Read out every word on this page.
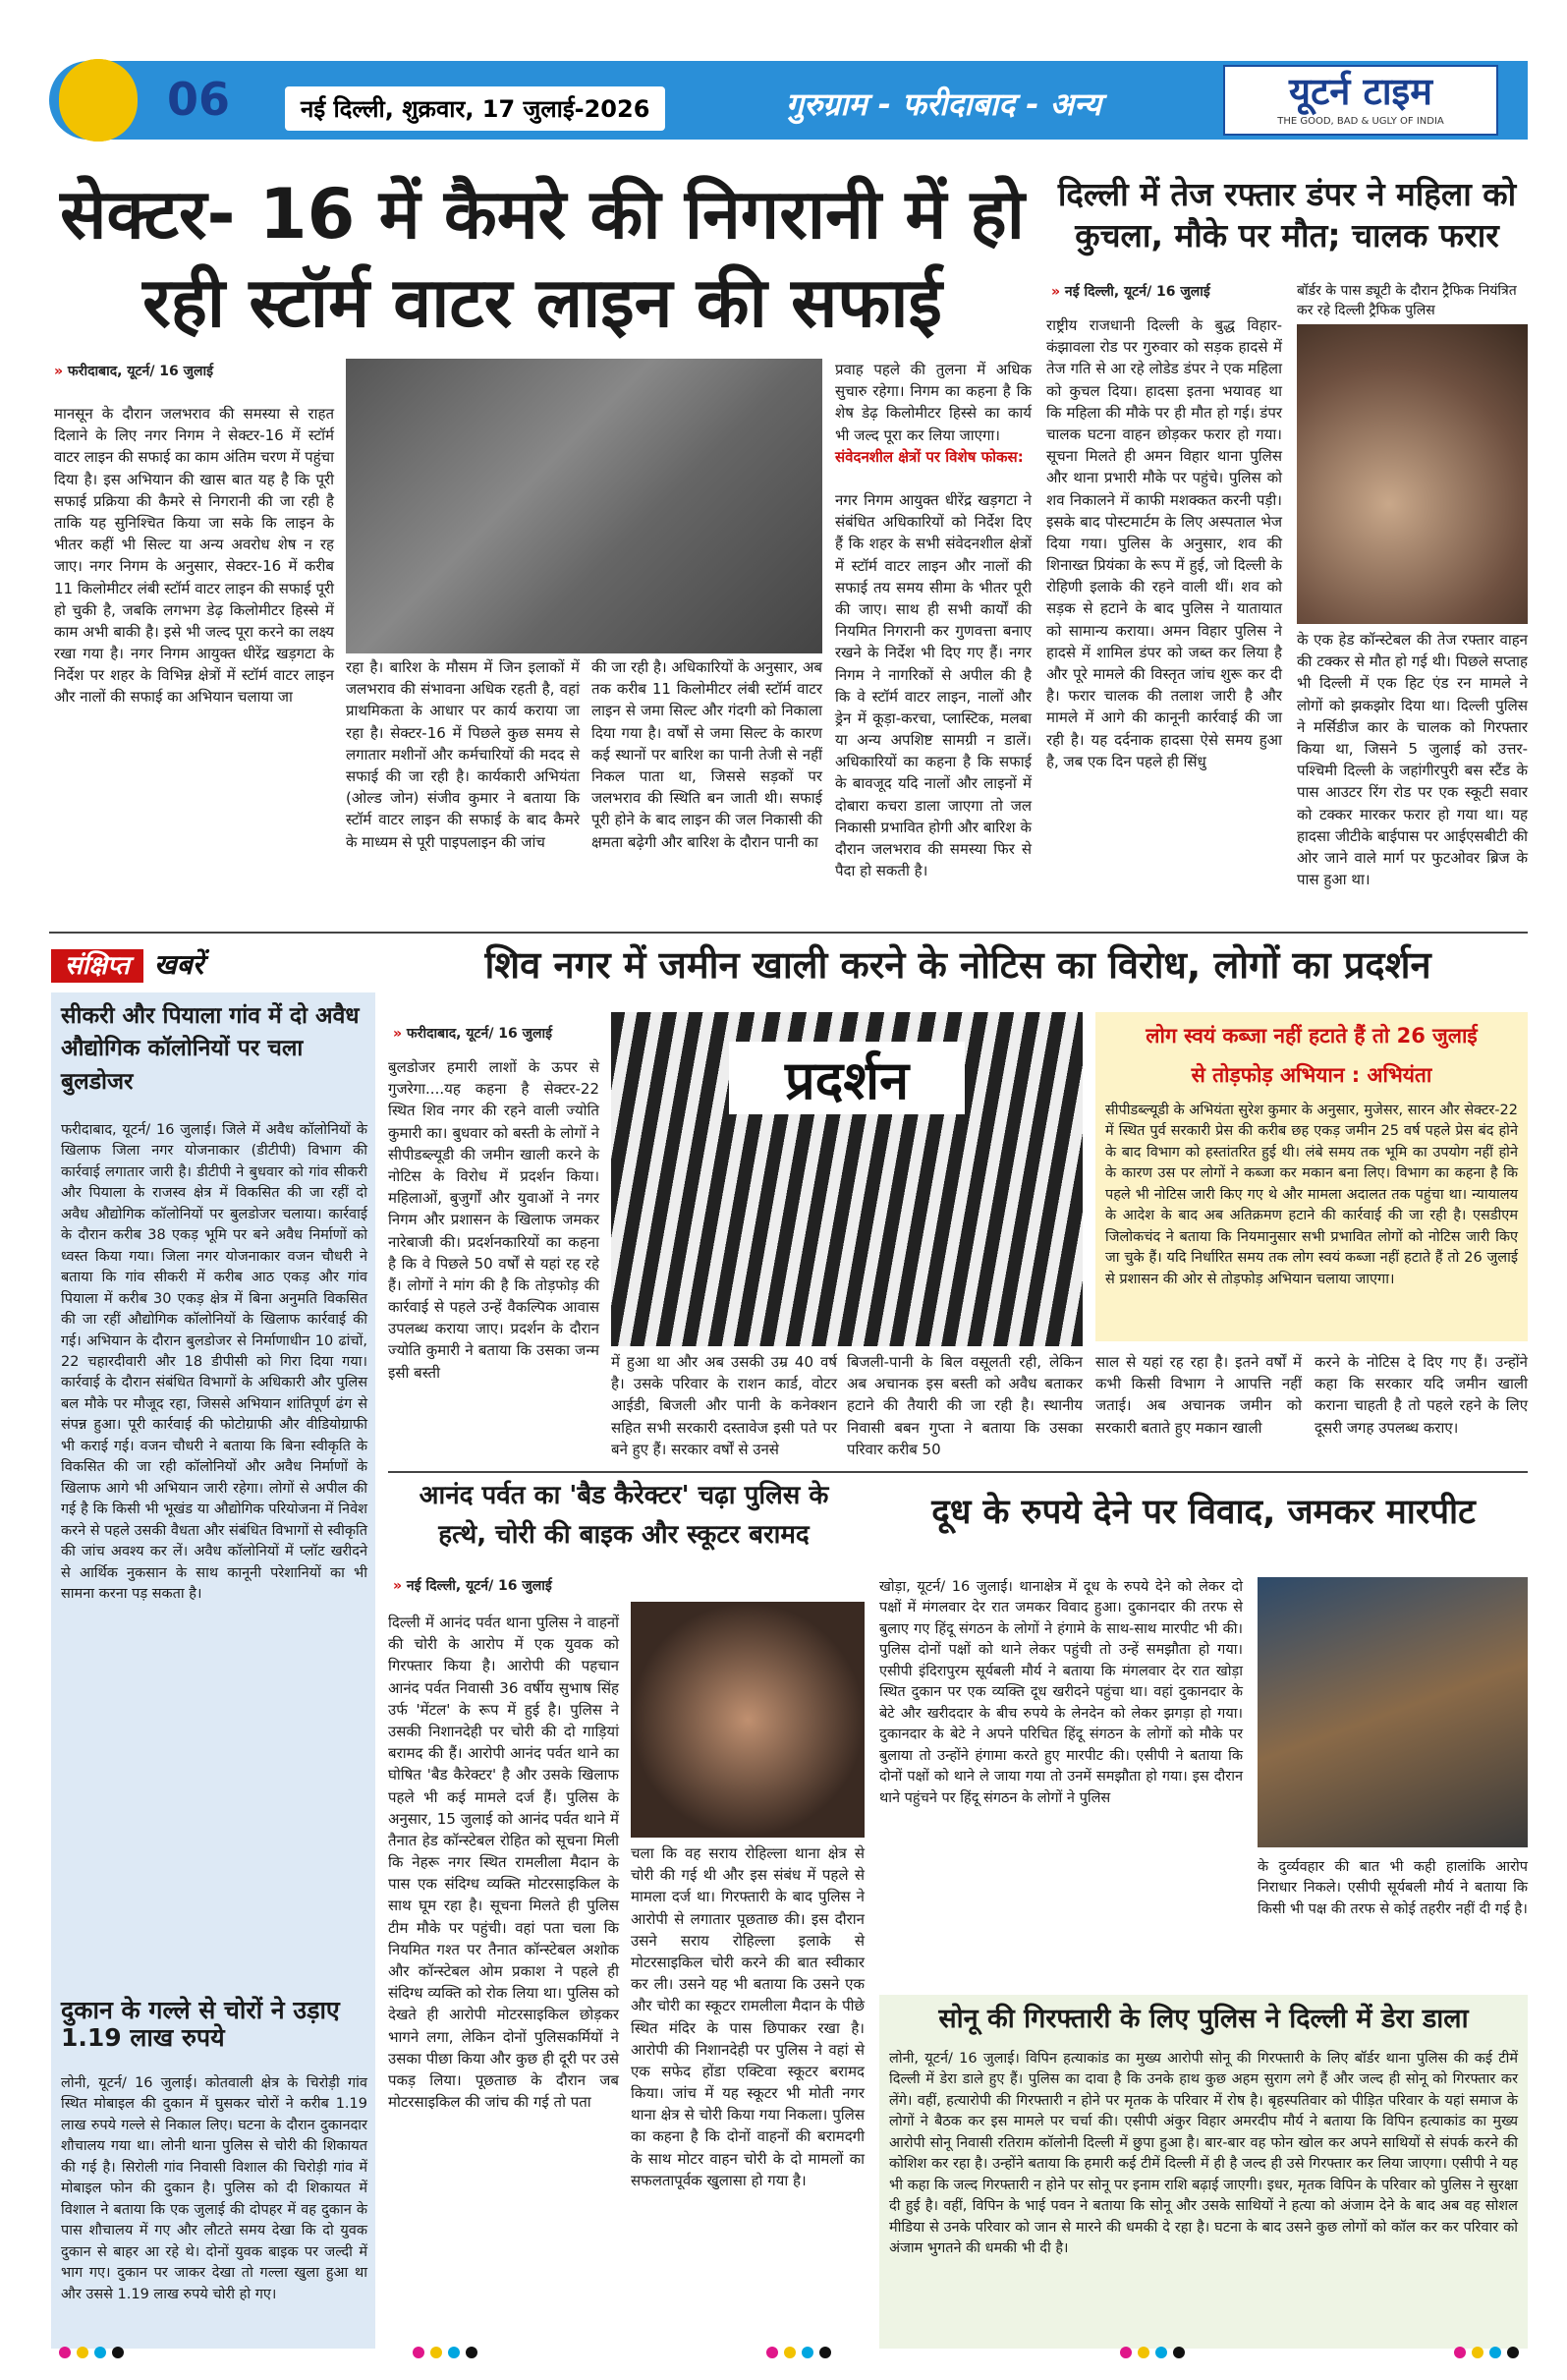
06	नई दिल्ली, शुक्रवार, 17 जुलाई-2026	गुरुग्राम - फरीदाबाद - अन्य	यूटर्न टाइम
THE GOOD, BAD & UGLY OF INDIA
सेक्टर- 16 में कैमरे की निगरानी में हो
रही स्टॉर्म वाटर लाइन की सफाई
» फरीदाबाद, यूटर्न/ 16 जुलाई
मानसून के दौरान जलभराव की समस्या से राहत दिलाने के लिए नगर निगम ने सेक्टर-16 में स्टॉर्म वाटर लाइन की सफाई का काम अंतिम चरण में पहुंचा दिया है। इस अभियान की खास बात यह है कि पूरी सफाई प्रक्रिया की कैमरे से निगरानी की जा रही है ताकि यह सुनिश्चित किया जा सके कि लाइन के भीतर कहीं भी सिल्ट या अन्य अवरोध शेष न रह जाए। नगर निगम के अनुसार, सेक्टर-16 में करीब 11 किलोमीटर लंबी स्टॉर्म वाटर लाइन की सफाई पूरी हो चुकी है, जबकि लगभग डेढ़ किलोमीटर हिस्से में काम अभी बाकी है। इसे भी जल्द पूरा करने का लक्ष्य रखा गया है। नगर निगम आयुक्त धीरेंद्र खड़गटा के निर्देश पर शहर के विभिन्न क्षेत्रों में स्टॉर्म वाटर लाइन और नालों की सफाई का अभियान चलाया जा
रहा है। बारिश के मौसम में जिन इलाकों में जलभराव की संभावना अधिक रहती है, वहां प्राथमिकता के आधार पर कार्य कराया जा रहा है। सेक्टर-16 में पिछले कुछ समय से लगातार मशीनों और कर्मचारियों की मदद से सफाई की जा रही है। कार्यकारी अभियंता (ओल्ड जोन) संजीव कुमार ने बताया कि स्टॉर्म वाटर लाइन की सफाई के बाद कैमरे के माध्यम से पूरी पाइपलाइन की जांच
की जा रही है। अधिकारियों के अनुसार, अब तक करीब 11 किलोमीटर लंबी स्टॉर्म वाटर लाइन से जमा सिल्ट और गंदगी को निकाला दिया गया है। वर्षों से जमा सिल्ट के कारण कई स्थानों पर बारिश का पानी तेजी से नहीं निकल पाता था, जिससे सड़कों पर जलभराव की स्थिति बन जाती थी। सफाई पूरी होने के बाद लाइन की जल निकासी की क्षमता बढ़ेगी और बारिश के दौरान पानी का
प्रवाह पहले की तुलना में अधिक सुचारु रहेगा। निगम का कहना है कि शेष डेढ़ किलोमीटर हिस्से का कार्य भी जल्द पूरा कर लिया जाएगा।
संवेदनशील क्षेत्रों पर विशेष फोकस:
नगर निगम आयुक्त धीरेंद्र खड़गटा ने संबंधित अधिकारियों को निर्देश दिए हैं कि शहर के सभी संवेदनशील क्षेत्रों में स्टॉर्म वाटर लाइन और नालों की सफाई तय समय सीमा के भीतर पूरी की जाए। साथ ही सभी कार्यों की नियमित निगरानी कर गुणवत्ता बनाए रखने के निर्देश भी दिए गए हैं। नगर निगम ने नागरिकों से अपील की है कि वे स्टॉर्म वाटर लाइन, नालों और ड्रेन में कूड़ा-करचा, प्लास्टिक, मलबा या अन्य अपशिष्ट सामग्री न डालें। अधिकारियों का कहना है कि सफाई के बावजूद यदि नालों और लाइनों में दोबारा कचरा डाला जाएगा तो जल निकासी प्रभावित होगी और बारिश के दौरान जलभराव की समस्या फिर से पैदा हो सकती है।
दिल्ली में तेज रफ्तार डंपर ने महिला को
कुचला, मौके पर मौत; चालक फरार
» नई दिल्ली, यूटर्न/ 16 जुलाई
राष्ट्रीय राजधानी दिल्ली के बुद्ध विहार-कंझावला रोड पर गुरुवार को सड़क हादसे में तेज गति से आ रहे लोडेड डंपर ने एक महिला को कुचल दिया। हादसा इतना भयावह था कि महिला की मौके पर ही मौत हो गई। डंपर चालक घटना वाहन छोड़कर फरार हो गया। सूचना मिलते ही अमन विहार थाना पुलिस और थाना प्रभारी मौके पर पहुंचे। पुलिस को शव निकालने में काफी मशक्कत करनी पड़ी। इसके बाद पोस्टमार्टम के लिए अस्पताल भेज दिया गया। पुलिस के अनुसार, शव की शिनाख्त प्रियंका के रूप में हुई, जो दिल्ली के रोहिणी इलाके की रहने वाली थीं। शव को सड़क से हटाने के बाद पुलिस ने यातायात को सामान्य कराया। अमन विहार पुलिस ने हादसे में शामिल डंपर को जब्त कर लिया है और पूरे मामले की विस्तृत जांच शुरू कर दी है। फरार चालक की तलाश जारी है और मामले में आगे की कानूनी कार्रवाई की जा रही है। यह दर्दनाक हादसा ऐसे समय हुआ है, जब एक दिन पहले ही सिंधु
बॉर्डर के पास ड्यूटी के दौरान ट्रैफिक नियंत्रित कर रहे दिल्ली ट्रैफिक पुलिस
के एक हेड कॉन्स्टेबल की तेज रफ्तार वाहन की टक्कर से मौत हो गई थी। पिछले सप्ताह भी दिल्ली में एक हिट एंड रन मामले ने लोगों को झकझोर दिया था। दिल्ली पुलिस ने मर्सिडीज कार के चालक को गिरफ्तार किया था, जिसने 5 जुलाई को उत्तर-पश्चिमी दिल्ली के जहांगीरपुरी बस स्टैंड के पास आउटर रिंग रोड पर एक स्कूटी सवार को टक्कर मारकर फरार हो गया था। यह हादसा जीटीके बाईपास पर आईएसबीटी की ओर जाने वाले मार्ग पर फुटओवर ब्रिज के पास हुआ था।
संक्षिप्त खबरें
सीकरी और पियाला गांव में दो अवैध औद्योगिक कॉलोनियों पर चला बुलडोजर
फरीदाबाद, यूटर्न/ 16 जुलाई। जिले में अवैध कॉलोनियों के खिलाफ जिला नगर योजनाकार (डीटीपी) विभाग की कार्रवाई लगातार जारी है। डीटीपी ने बुधवार को गांव सीकरी और पियाला के राजस्व क्षेत्र में विकसित की जा रहीं दो अवैध औद्योगिक कॉलोनियों पर बुलडोजर चलाया। कार्रवाई के दौरान करीब 38 एकड़ भूमि पर बने अवैध निर्माणों को ध्वस्त किया गया। जिला नगर योजनाकार वजन चौधरी ने बताया कि गांव सीकरी में करीब आठ एकड़ और गांव पियाला में करीब 30 एकड़ क्षेत्र में बिना अनुमति विकसित की जा रहीं औद्योगिक कॉलोनियों के खिलाफ कार्रवाई की गई। अभियान के दौरान बुलडोजर से निर्माणाधीन 10 ढांचों, 22 चहारदीवारी और 18 डीपीसी को गिरा दिया गया। कार्रवाई के दौरान संबंधित विभागों के अधिकारी और पुलिस बल मौके पर मौजूद रहा, जिससे अभियान शांतिपूर्ण ढंग से संपन्न हुआ। पूरी कार्रवाई की फोटोग्राफी और वीडियोग्राफी भी कराई गई। वजन चौधरी ने बताया कि बिना स्वीकृति के विकसित की जा रही कॉलोनियों और अवैध निर्माणों के खिलाफ आगे भी अभियान जारी रहेगा। लोगों से अपील की गई है कि किसी भी भूखंड या औद्योगिक परियोजना में निवेश करने से पहले उसकी वैधता और संबंधित विभागों से स्वीकृति की जांच अवश्य कर लें। अवैध कॉलोनियों में प्लॉट खरीदने से आर्थिक नुकसान के साथ कानूनी परेशानियों का भी सामना करना पड़ सकता है।
दुकान के गल्ले से चोरों ने उड़ाए 1.19 लाख रुपये
लोनी, यूटर्न/ 16 जुलाई। कोतवाली क्षेत्र के चिरोड़ी गांव स्थित मोबाइल की दुकान में घुसकर चोरों ने करीब 1.19 लाख रुपये गल्ले से निकाल लिए। घटना के दौरान दुकानदार शौचालय गया था। लोनी थाना पुलिस से चोरी की शिकायत की गई है। सिरोली गांव निवासी विशाल की चिरोड़ी गांव में मोबाइल फोन की दुकान है। पुलिस को दी शिकायत में विशाल ने बताया कि एक जुलाई की दोपहर में वह दुकान के पास शौचालय में गए और लौटते समय देखा कि दो युवक दुकान से बाहर आ रहे थे। दोनों युवक बाइक पर जल्दी में भाग गए। दुकान पर जाकर देखा तो गल्ला खुला हुआ था और उससे 1.19 लाख रुपये चोरी हो गए।
शिव नगर में जमीन खाली करने के नोटिस का विरोध, लोगों का प्रदर्शन
» फरीदाबाद, यूटर्न/ 16 जुलाई
बुलडोजर हमारी लाशों के ऊपर से गुजरेगा....यह कहना है सेक्टर-22 स्थित शिव नगर की रहने वाली ज्योति कुमारी का। बुधवार को बस्ती के लोगों ने सीपीडब्ल्यूडी की जमीन खाली करने के नोटिस के विरोध में प्रदर्शन किया। महिलाओं, बुजुर्गों और युवाओं ने नगर निगम और प्रशासन के खिलाफ जमकर नारेबाजी की। प्रदर्शनकारियों का कहना है कि वे पिछले 50 वर्षों से यहां रह रहे हैं। लोगों ने मांग की है कि तोड़फोड़ की कार्रवाई से पहले उन्हें वैकल्पिक आवास उपलब्ध कराया जाए। प्रदर्शन के दौरान ज्योति कुमारी ने बताया कि उसका जन्म इसी बस्ती
प्रदर्शन
में हुआ था और अब उसकी उम्र 40 वर्ष है। उसके परिवार के राशन कार्ड, वोटर आईडी, बिजली और पानी के कनेक्शन सहित सभी सरकारी दस्तावेज इसी पते पर बने हुए हैं। सरकार वर्षों से उनसे
बिजली-पानी के बिल वसूलती रही, लेकिन अब अचानक इस बस्ती को अवैध बताकर हटाने की तैयारी की जा रही है। स्थानीय निवासी बबन गुप्ता ने बताया कि उसका परिवार करीब 50
लोग स्वयं कब्जा नहीं हटाते हैं तो 26 जुलाई
से तोड़फोड़ अभियान : अभियंता
सीपीडब्ल्यूडी के अभियंता सुरेश कुमार के अनुसार, मुजेसर, सारन और सेक्टर-22 में स्थित पुर्व सरकारी प्रेस की करीब छह एकड़ जमीन 25 वर्ष पहले प्रेस बंद होने के बाद विभाग को हस्तांतरित हुई थी। लंबे समय तक भूमि का उपयोग नहीं होने के कारण उस पर लोगों ने कब्जा कर मकान बना लिए। विभाग का कहना है कि पहले भी नोटिस जारी किए गए थे और मामला अदालत तक पहुंचा था। न्यायालय के आदेश के बाद अब अतिक्रमण हटाने की कार्रवाई की जा रही है। एसडीएम जिलोकचंद ने बताया कि नियमानुसार सभी प्रभावित लोगों को नोटिस जारी किए जा चुके हैं। यदि निर्धारित समय तक लोग स्वयं कब्जा नहीं हटाते हैं तो 26 जुलाई से प्रशासन की ओर से तोड़फोड़ अभियान चलाया जाएगा।
साल से यहां रह रहा है। इतने वर्षों में कभी किसी विभाग ने आपत्ति नहीं जताई। अब अचानक जमीन को सरकारी बताते हुए मकान खाली
करने के नोटिस दे दिए गए हैं। उन्होंने कहा कि सरकार यदि जमीन खाली कराना चाहती है तो पहले रहने के लिए दूसरी जगह उपलब्ध कराए।
आनंद पर्वत का 'बैड कैरेक्टर' चढ़ा पुलिस के
हत्थे, चोरी की बाइक और स्कूटर बरामद
» नई दिल्ली, यूटर्न/ 16 जुलाई
दिल्ली में आनंद पर्वत थाना पुलिस ने वाहनों की चोरी के आरोप में एक युवक को गिरफ्तार किया है। आरोपी की पहचान आनंद पर्वत निवासी 36 वर्षीय सुभाष सिंह उर्फ 'मेंटल' के रूप में हुई है। पुलिस ने उसकी निशानदेही पर चोरी की दो गाड़ियां बरामद की हैं। आरोपी आनंद पर्वत थाने का घोषित 'बैड कैरेक्टर' है और उसके खिलाफ पहले भी कई मामले दर्ज हैं। पुलिस के अनुसार, 15 जुलाई को आनंद पर्वत थाने में तैनात हेड कॉन्स्टेबल रोहित को सूचना मिली कि नेहरू नगर स्थित रामलीला मैदान के पास एक संदिग्ध व्यक्ति मोटरसाइकिल के साथ घूम रहा है। सूचना मिलते ही पुलिस टीम मौके पर पहुंची। वहां पता चला कि नियमित गश्त पर तैनात कॉन्स्टेबल अशोक और कॉन्स्टेबल ओम प्रकाश ने पहले ही संदिग्ध व्यक्ति को रोक लिया था। पुलिस को देखते ही आरोपी मोटरसाइकिल छोड़कर भागने लगा, लेकिन दोनों पुलिसकर्मियों ने उसका पीछा किया और कुछ ही दूरी पर उसे पकड़ लिया। पूछताछ के दौरान जब मोटरसाइकिल की जांच की गई तो पता
चला कि वह सराय रोहिल्ला थाना क्षेत्र से चोरी की गई थी और इस संबंध में पहले से मामला दर्ज था। गिरफ्तारी के बाद पुलिस ने आरोपी से लगातार पूछताछ की। इस दौरान उसने सराय रोहिल्ला इलाके से मोटरसाइकिल चोरी करने की बात स्वीकार कर ली। उसने यह भी बताया कि उसने एक और चोरी का स्कूटर रामलीला मैदान के पीछे स्थित मंदिर के पास छिपाकर रखा है। आरोपी की निशानदेही पर पुलिस ने वहां से एक सफेद होंडा एक्टिवा स्कूटर बरामद किया। जांच में यह स्कूटर भी मोती नगर थाना क्षेत्र से चोरी किया गया निकला। पुलिस का कहना है कि दोनों वाहनों की बरामदगी के साथ मोटर वाहन चोरी के दो मामलों का सफलतापूर्वक खुलासा हो गया है।
दूध के रुपये देने पर विवाद, जमकर मारपीट
खोड़ा, यूटर्न/ 16 जुलाई। थानाक्षेत्र में दूध के रुपये देने को लेकर दो पक्षों में मंगलवार देर रात जमकर विवाद हुआ। दुकानदार की तरफ से बुलाए गए हिंदू संगठन के लोगों ने हंगामे के साथ-साथ मारपीट भी की। पुलिस दोनों पक्षों को थाने लेकर पहुंची तो उन्हें समझौता हो गया। एसीपी इंदिरापुरम सूर्यबली मौर्य ने बताया कि मंगलवार देर रात खोड़ा स्थित दुकान पर एक व्यक्ति दूध खरीदने पहुंचा था। वहां दुकानदार के बेटे और खरीददार के बीच रुपये के लेनदेन को लेकर झगड़ा हो गया। दुकानदार के बेटे ने अपने परिचित हिंदू संगठन के लोगों को मौके पर बुलाया तो उन्होंने हंगामा करते हुए मारपीट की। एसीपी ने बताया कि दोनों पक्षों को थाने ले जाया गया तो उनमें समझौता हो गया। इस दौरान थाने पहुंचने पर हिंदू संगठन के लोगों ने पुलिस
के दुर्व्यवहार की बात भी कही हालांकि आरोप निराधार निकले। एसीपी सूर्यबली मौर्य ने बताया कि किसी भी पक्ष की तरफ से कोई तहरीर नहीं दी गई है।
सोनू की गिरफ्तारी के लिए पुलिस ने दिल्ली में डेरा डाला
लोनी, यूटर्न/ 16 जुलाई। विपिन हत्याकांड का मुख्य आरोपी सोनू की गिरफ्तारी के लिए बॉर्डर थाना पुलिस की कई टीमें दिल्ली में डेरा डाले हुए हैं। पुलिस का दावा है कि उनके हाथ कुछ अहम सुराग लगे हैं और जल्द ही सोनू को गिरफ्तार कर लेंगे। वहीं, हत्यारोपी की गिरफ्तारी न होने पर मृतक के परिवार में रोष है। बृहस्पतिवार को पीड़ित परिवार के यहां समाज के लोगों ने बैठक कर इस मामले पर चर्चा की। एसीपी अंकुर विहार अमरदीप मौर्य ने बताया कि विपिन हत्याकांड का मुख्य आरोपी सोनू निवासी रतिराम कॉलोनी दिल्ली में छुपा हुआ है। बार-बार वह फोन खोल कर अपने साथियों से संपर्क करने की कोशिश कर रहा है। उन्होंने बताया कि हमारी कई टीमें दिल्ली में ही है जल्द ही उसे गिरफ्तार कर लिया जाएगा। एसीपी ने यह भी कहा कि जल्द गिरफ्तारी न होने पर सोनू पर इनाम राशि बढ़ाई जाएगी। इधर, मृतक विपिन के परिवार को पुलिस ने सुरक्षा दी हुई है। वहीं, विपिन के भाई पवन ने बताया कि सोनू और उसके साथियों ने हत्या को अंजाम देने के बाद अब वह सोशल मीडिया से उनके परिवार को जान से मारने की धमकी दे रहा है। घटना के बाद उसने कुछ लोगों को कॉल कर कर परिवार को अंजाम भुगतने की धमकी भी दी है।
